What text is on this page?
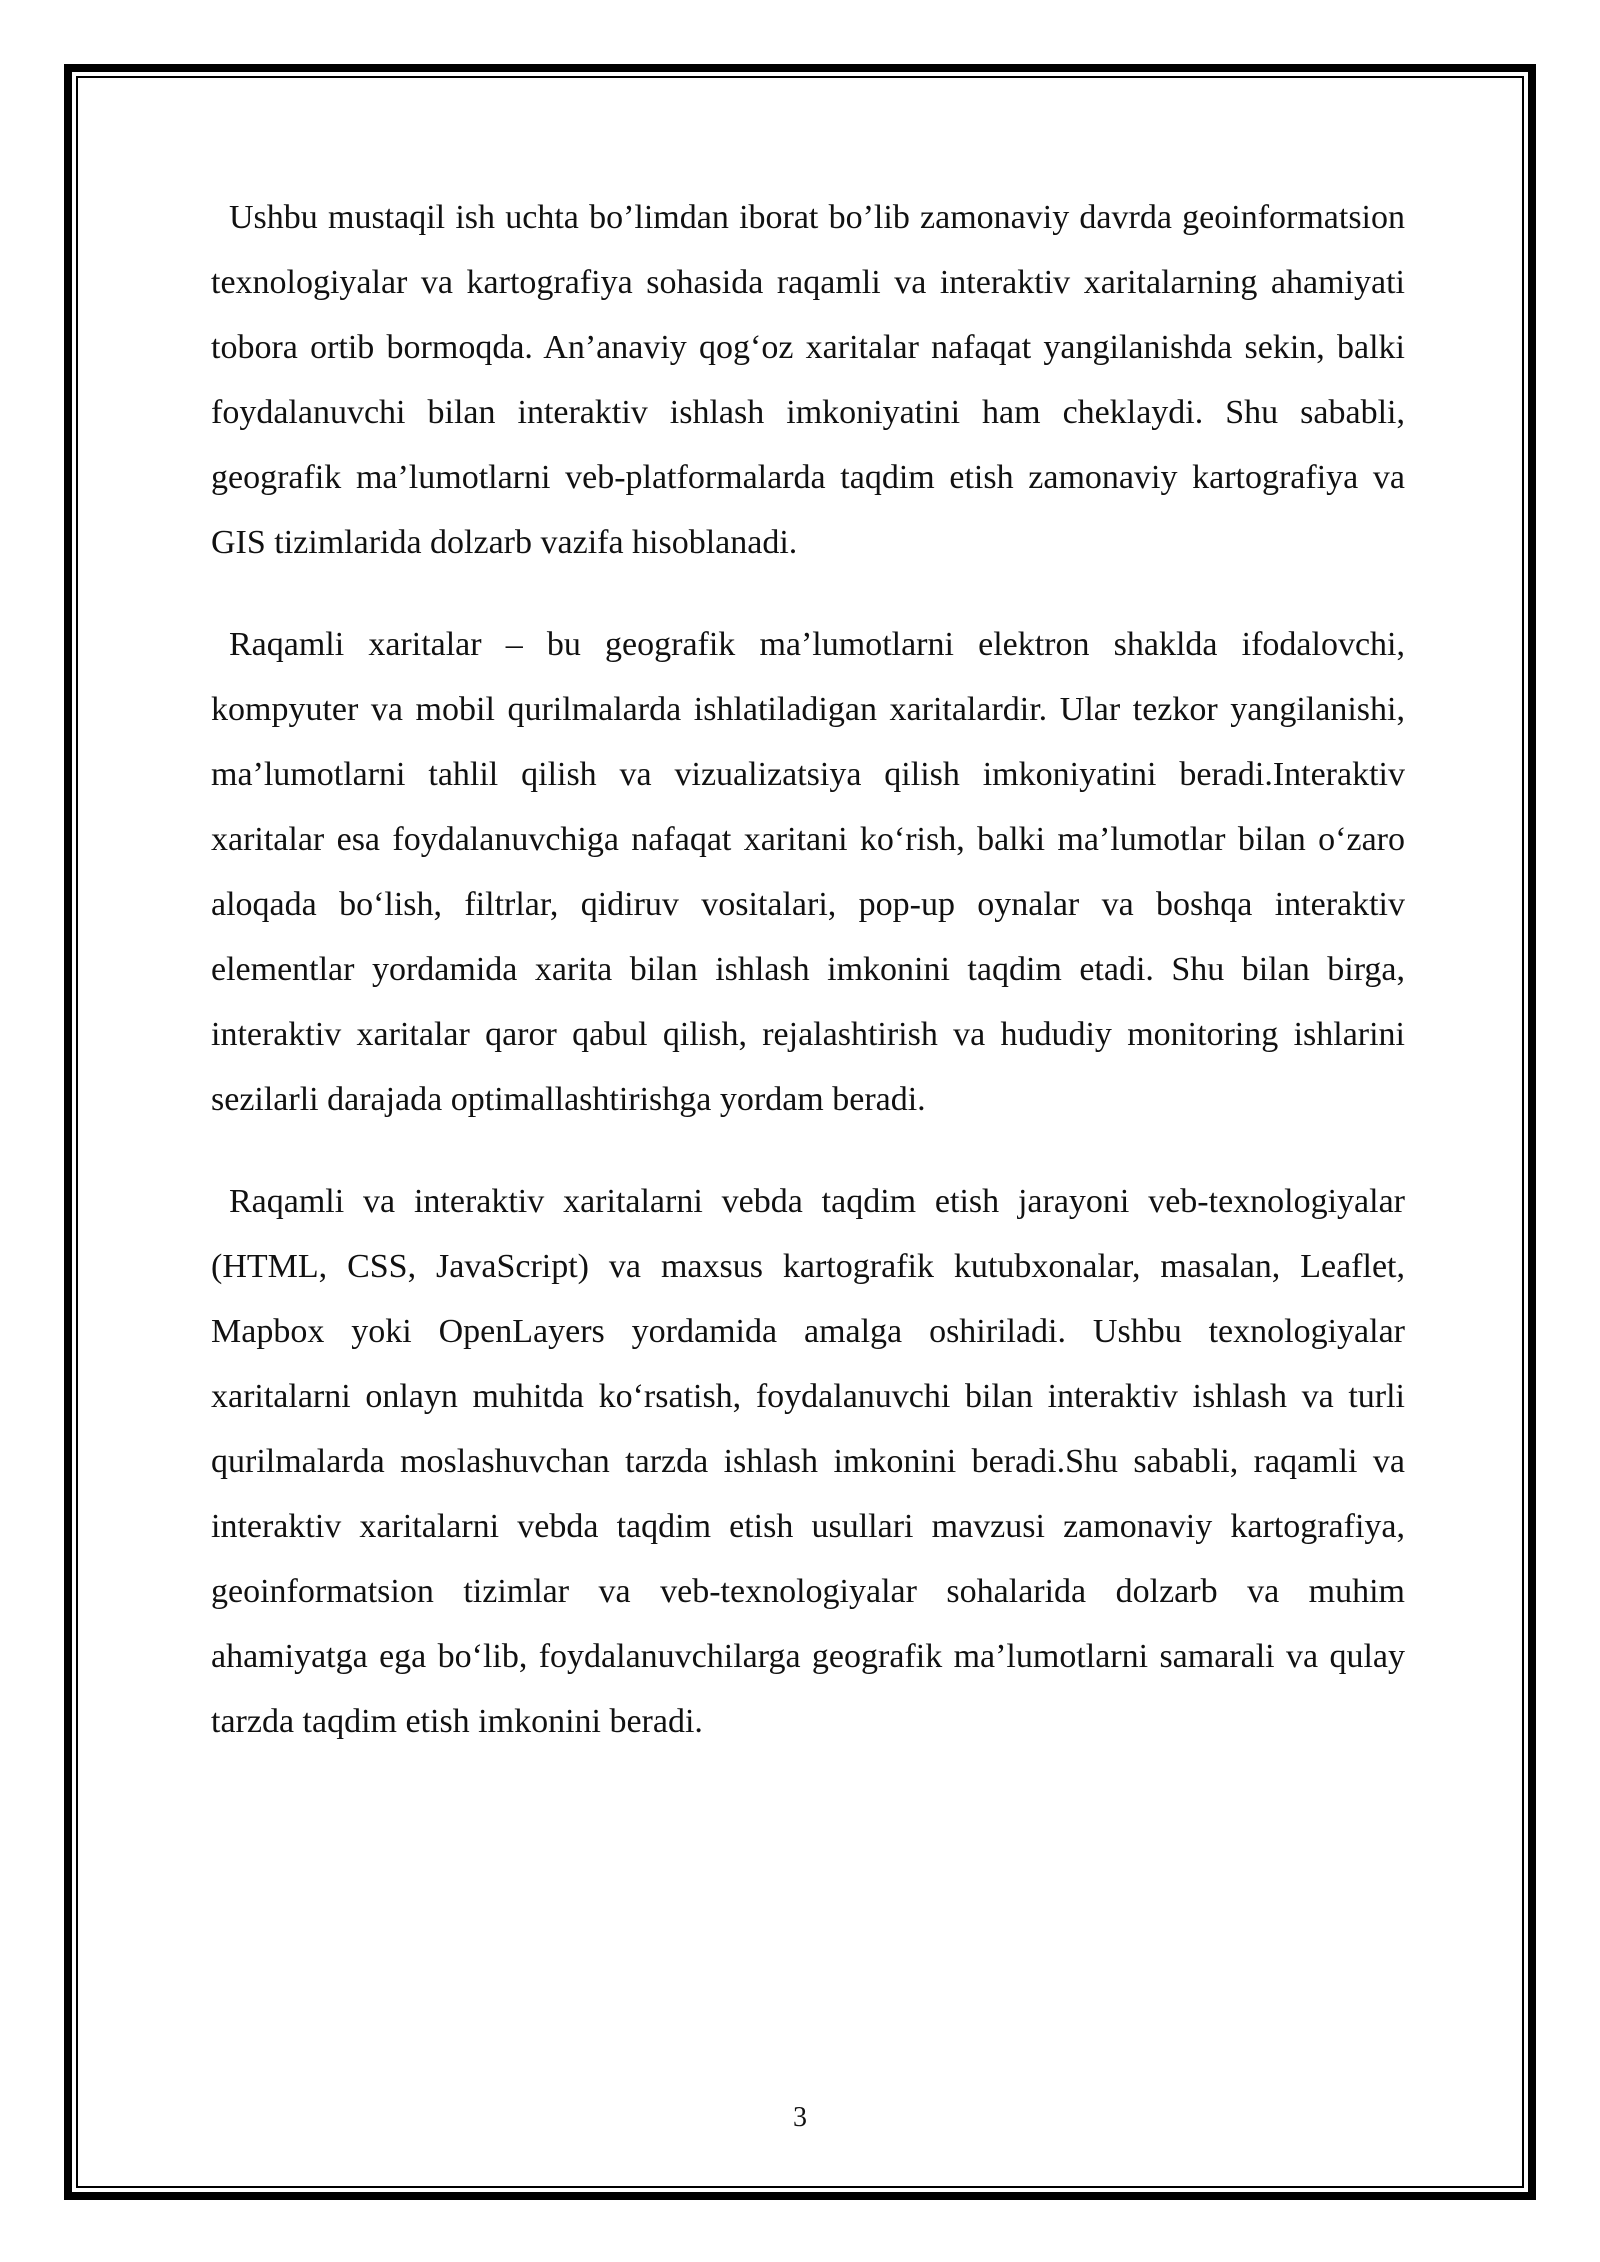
Ushbu mustaqil ish uchta bo’limdan iborat bo’lib zamonaviy davrda geoinformatsion texnologiyalar va kartografiya sohasida raqamli va interaktiv xaritalarning ahamiyati tobora ortib bormoqda. An’anaviy qog‘oz xaritalar nafaqat yangilanishda sekin, balki foydalanuvchi bilan interaktiv ishlash imkoniyatini ham cheklaydi. Shu sababli, geografik ma’lumotlarni veb-platformalarda taqdim etish zamonaviy kartografiya va GIS tizimlarida dolzarb vazifa hisoblanadi.

Raqamli xaritalar – bu geografik ma’lumotlarni elektron shaklda ifodalovchi, kompyuter va mobil qurilmalarda ishlatiladigan xaritalardir. Ular tezkor yangilanishi, ma’lumotlarni tahlil qilish va vizualizatsiya qilish imkoniyatini beradi.Interaktiv xaritalar esa foydalanuvchiga nafaqat xaritani ko‘rish, balki ma’lumotlar bilan o‘zaro aloqada bo‘lish, filtrlar, qidiruv vositalari, pop-up oynalar va boshqa interaktiv elementlar yordamida xarita bilan ishlash imkonini taqdim etadi. Shu bilan birga, interaktiv xaritalar qaror qabul qilish, rejalashtirish va hududiy monitoring ishlarini sezilarli darajada optimallashtirishga yordam beradi.

Raqamli va interaktiv xaritalarni vebda taqdim etish jarayoni veb-texnologiyalar (HTML, CSS, JavaScript) va maxsus kartografik kutubxonalar, masalan, Leaflet, Mapbox yoki OpenLayers yordamida amalga oshiriladi. Ushbu texnologiyalar xaritalarni onlayn muhitda ko‘rsatish, foydalanuvchi bilan interaktiv ishlash va turli qurilmalarda moslashuvchan tarzda ishlash imkonini beradi.Shu sababli, raqamli va interaktiv xaritalarni vebda taqdim etish usullari mavzusi zamonaviy kartografiya, geoinformatsion tizimlar va veb-texnologiyalar sohalarida dolzarb va muhim ahamiyatga ega bo‘lib, foydalanuvchilarga geografik ma’lumotlarni samarali va qulay tarzda taqdim etish imkonini beradi.

3
